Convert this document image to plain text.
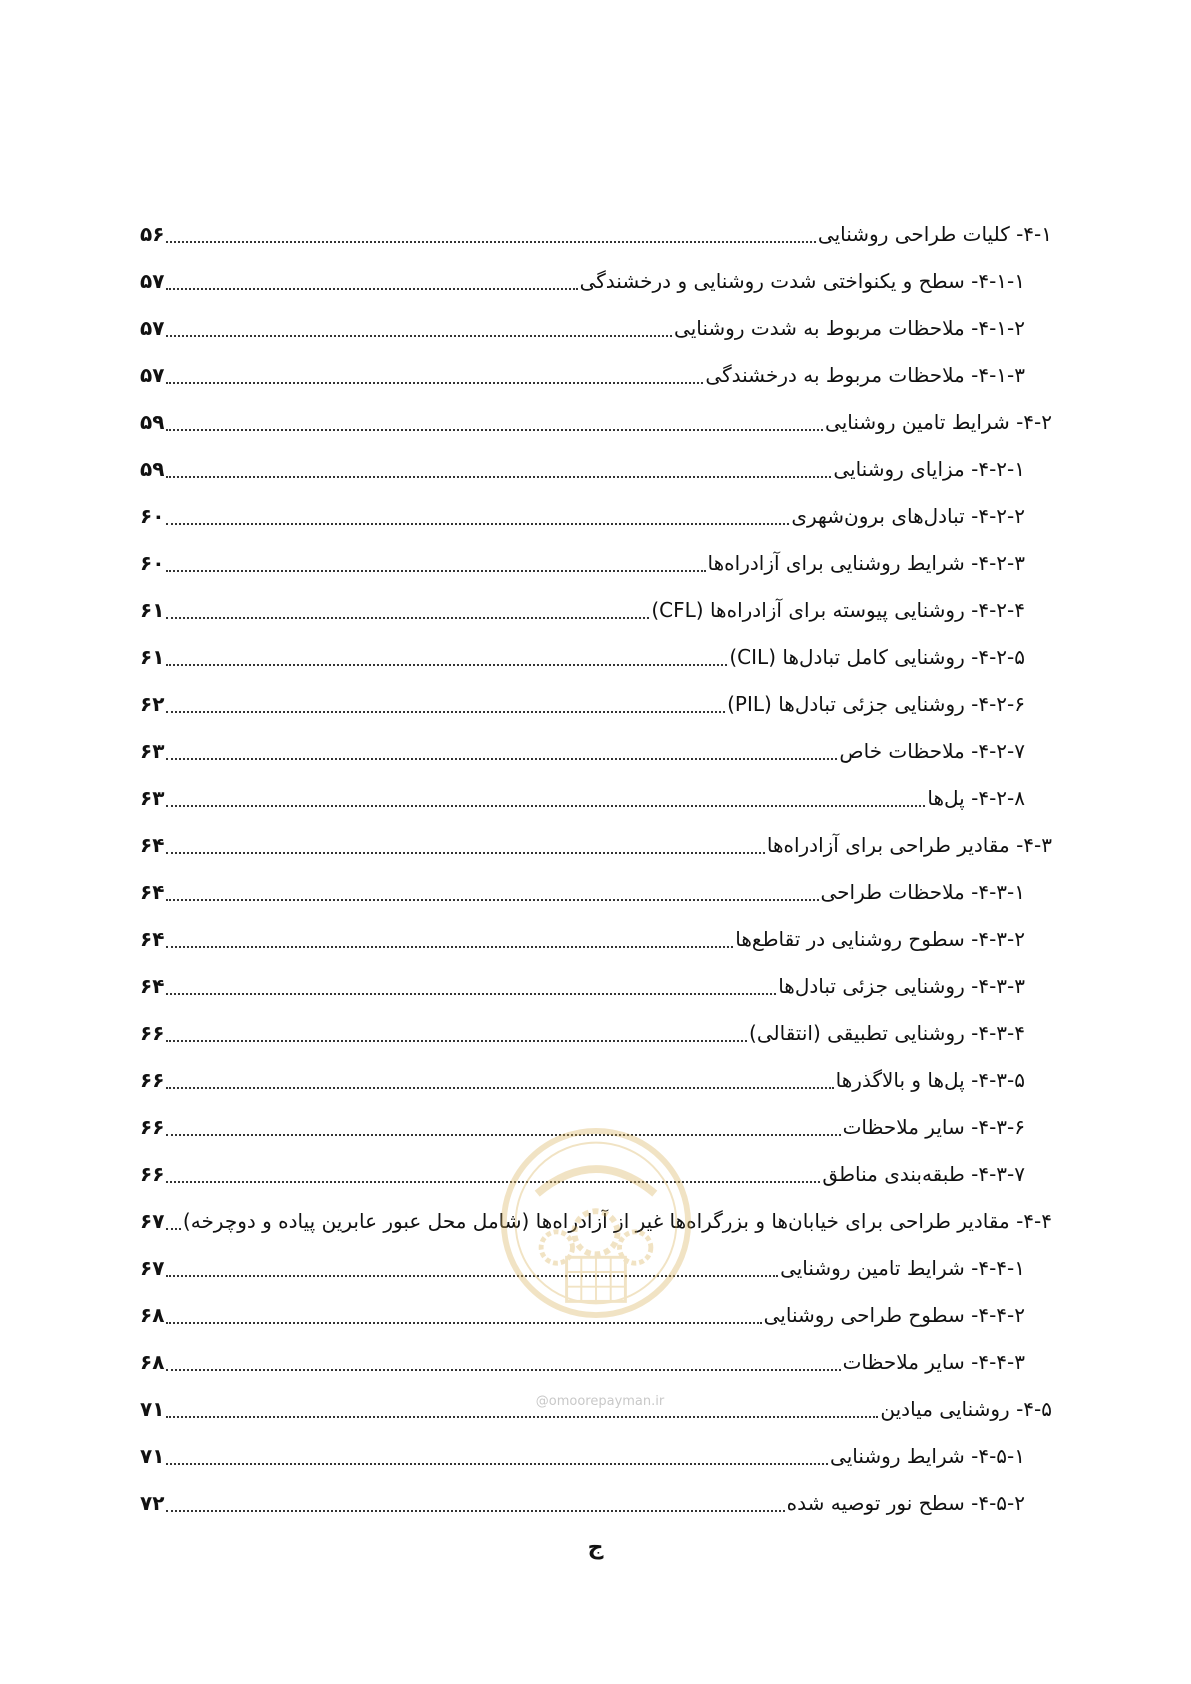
۴-۱- کلیات طراحی روشنایی
۵۶
۴-۱-۱- سطح و یکنواختی شدت روشنایی و درخشندگی
۵۷
۴-۱-۲- ملاحظات مربوط به شدت روشنایی
۵۷
۴-۱-۳- ملاحظات مربوط به درخشندگی
۵۷
۴-۲- شرایط تامین روشنایی
۵۹
۴-۲-۱- مزایای روشنایی
۵۹
۴-۲-۲- تبادل‌های برون‌شهری
۶۰
۴-۲-۳- شرایط روشنایی برای آزادراه‌ها
۶۰
۴-۲-۴- روشنایی پیوسته برای آزادراه‌ها (CFL)
۶۱
۴-۲-۵- روشنایی کامل تبادل‌ها (CIL)
۶۱
۴-۲-۶- روشنایی جزئی تبادل‌ها (PIL)
۶۲
۴-۲-۷- ملاحظات خاص
۶۳
۴-۲-۸- پل‌ها
۶۳
۴-۳- مقادیر طراحی برای آزادراه‌ها
۶۴
۴-۳-۱- ملاحظات طراحی
۶۴
۴-۳-۲- سطوح روشنایی در تقاطع‌ها
۶۴
۴-۳-۳- روشنایی جزئی تبادل‌ها
۶۴
۴-۳-۴- روشنایی تطبیقی (انتقالی)
۶۶
۴-۳-۵- پل‌ها و بالاگذرها
۶۶
۴-۳-۶- سایر ملاحظات
۶۶
۴-۳-۷- طبقه‌بندی مناطق
۶۶
۴-۴- مقادیر طراحی برای خیابان‌ها و بزرگراه‌ها غیر از آزادراه‌ها (شامل محل عبور عابرین پیاده و دوچرخه)
۶۷
۴-۴-۱- شرایط تامین روشنایی
۶۷
۴-۴-۲- سطوح طراحی روشنایی
۶۸
۴-۴-۳- سایر ملاحظات
۶۸
۴-۵- روشنایی میادین
۷۱
۴-۵-۱- شرایط روشنایی
۷۱
۴-۵-۲- سطح نور توصیه شده
۷۲
ج
@omoorepayman.ir
